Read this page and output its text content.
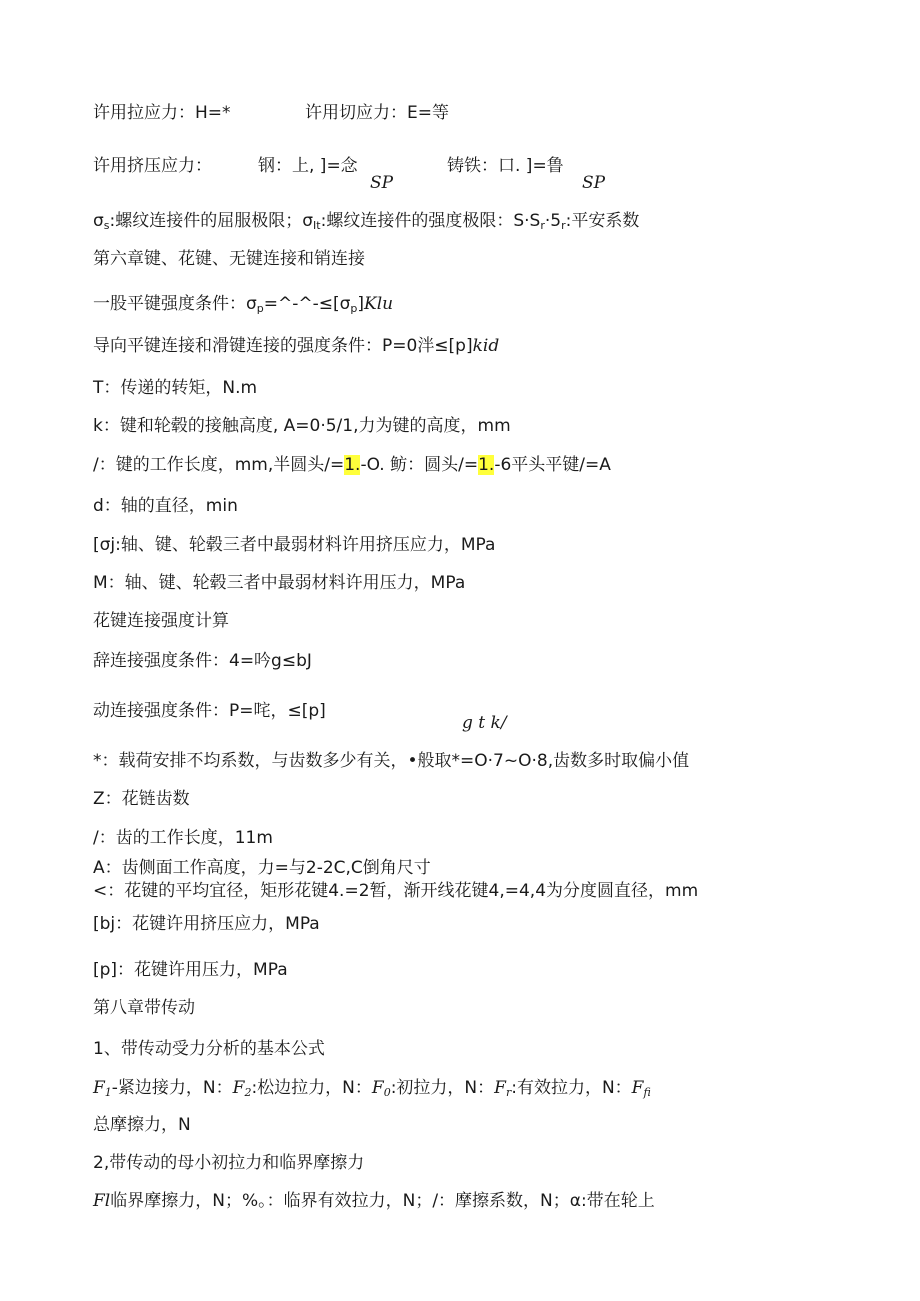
许用拉应力：H=*	许用切应力：E=等
许用挤压应力：	钢：上, ]=念
SP
铸铁：口. ]=鲁
SP
$\sigma_s$:螺纹连接件的屈服极限；$\sigma_{It}$:螺纹连接件的强度极限：$S\cdot S_r\cdot 5_r$:平安系数
第六章键、花键、无键连接和销连接
一股平键强度条件：$\sigma_p=\^{}-\^{}-\le[\sigma_p]Klu$
导向平键连接和滑键连接的强度条件：P=0泮≤[p]kid
T：传递的转矩，N.m
k：键和轮毂的接触高度, A=0·5/1,力为键的高度，mm
/：键的工作长度，mm,半圆头/=1.-O. 鲂：圆头/=1.-6平头平键/=A
d：轴的直径，min
[σj:轴、键、轮毂三者中最弱材料许用挤压应力，MPa
M：轴、键、轮毂三者中最弱材料许用压力，MPa
花键连接强度计算
辞连接强度条件：4=吟g≤bJ
动连接强度条件：P=咤，≤[p]
g t k/
*：载荷安排不均系数，与齿数多少有关，•般取*=O·7~O·8,齿数多时取偏小值
Z：花链齿数
/：齿的工作长度，11m
A：齿侧面工作高度，力=与2-2C,C倒角尺寸
<：花键的平均宜径，矩形花键4.=2暂，渐开线花键4,=4,4为分度圆直径，mm
[bj：花键许用挤压应力，MPa
[p]：花键许用压力，MPa
第八章带传动
1、带传动受力分析的基本公式
$F_1-$紧边接力，N：$F_2$:松边拉力，N：$F_0$:初拉力，N：$F_r$:有效拉力，N：$F_{fi}$
总摩擦力，N
2,带传动的母小初拉力和临界摩擦力
Fl临界摩擦力，N；%。：临界有效拉力，N；/：摩擦系数，N；α:带在轮上
